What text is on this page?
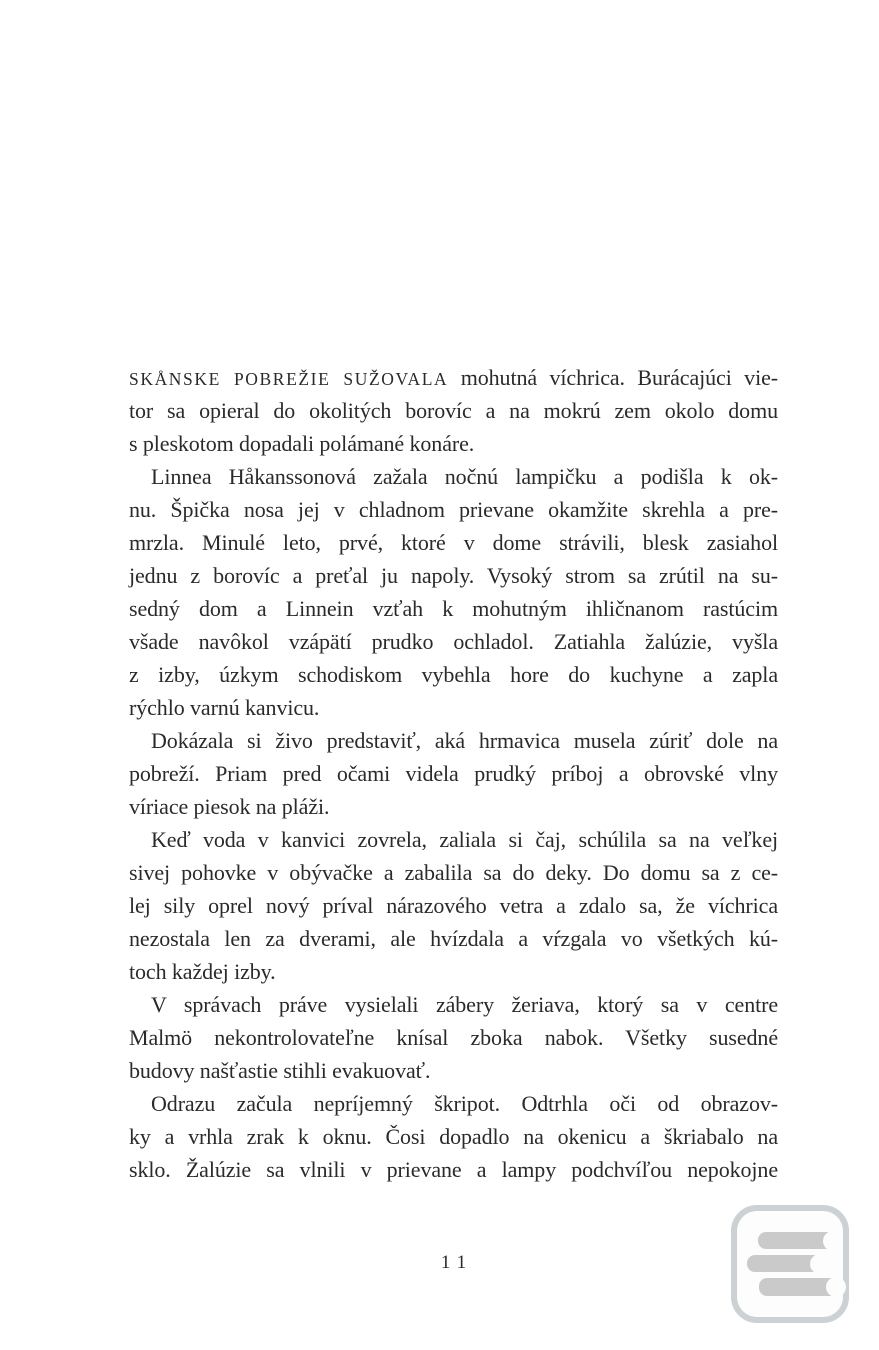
SKÅNSKE POBREŽIE SUŽOVALA mohutná víchrica. Burácajúci vie-
tor sa opieral do okolitých borovíc a na mokrú zem okolo domu
s pleskotom dopadali polámané konáre.
Linnea Håkanssonová zažala nočnú lampičku a podišla k ok-
nu. Špička nosa jej v chladnom prievane okamžite skrehla a pre-
mrzla. Minulé leto, prvé, ktoré v dome strávili, blesk zasiahol
jednu z borovíc a preťal ju napoly. Vysoký strom sa zrútil na su-
sedný dom a Linnein vzťah k mohutným ihličnanom rastúcim
všade navôkol vzápätí prudko ochladol. Zatiahla žalúzie, vyšla
z izby, úzkym schodiskom vybehla hore do kuchyne a zapla
rýchlo varnú kanvicu.
Dokázala si živo predstaviť, aká hrmavica musela zúriť dole na
pobreží. Priam pred očami videla prudký príboj a obrovské vlny
víriace piesok na pláži.
Keď voda v kanvici zovrela, zaliala si čaj, schúlila sa na veľkej
sivej pohovke v obývačke a zabalila sa do deky. Do domu sa z ce-
lej sily oprel nový príval nárazového vetra a zdalo sa, že víchrica
nezostala len za dverami, ale hvízdala a vŕzgala vo všetkých kú-
toch každej izby.
V správach práve vysielali zábery žeriava, ktorý sa v centre
Malmö nekontrolovateľne knísal zboka nabok. Všetky susedné
budovy našťastie stihli evakuovať.
Odrazu začula nepríjemný škripot. Odtrhla oči od obrazov-
ky a vrhla zrak k oknu. Čosi dopadlo na okenicu a škriabalo na
sklo. Žalúzie sa vlnili v prievane a lampy podchvíľou nepokojne
11
